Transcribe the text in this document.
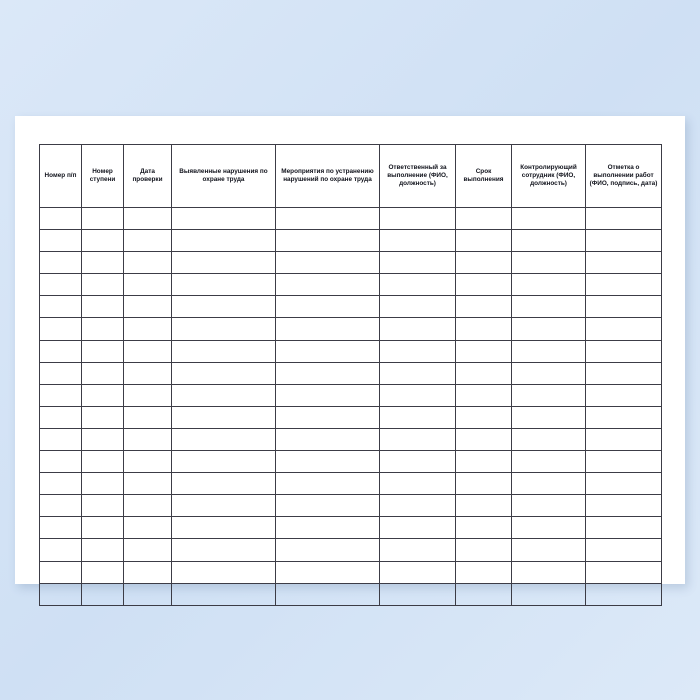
Номер п/п	Номер ступени	Дата проверки	Выявленные нарушения по охране труда	Мероприятия по устранению нарушений по охране труда	Ответственный за выполнение (ФИО, должность)	Срок выполнения	Контролирующий сотрудник (ФИО, должность)	Отметка о выполнении работ (ФИО, подпись, дата)
